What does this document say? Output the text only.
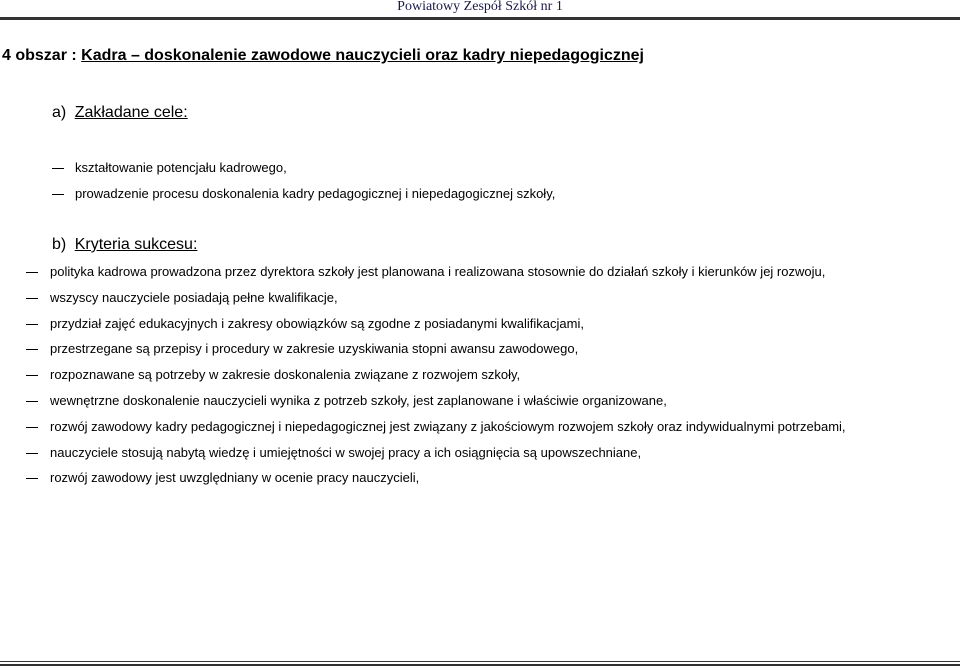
Powiatowy Zespół Szkół nr 1
4 obszar : Kadra – doskonalenie zawodowe nauczycieli oraz kadry niepedagogicznej
a) Zakładane cele:
kształtowanie potencjału kadrowego,
prowadzenie procesu doskonalenia kadry pedagogicznej i niepedagogicznej szkoły,
b) Kryteria sukcesu:
polityka kadrowa prowadzona przez dyrektora szkoły jest planowana i realizowana stosownie do działań szkoły i kierunków jej rozwoju,
wszyscy nauczyciele posiadają pełne kwalifikacje,
przydział zajęć edukacyjnych i zakresy obowiązków są zgodne z posiadanymi kwalifikacjami,
przestrzegane są przepisy i procedury w zakresie uzyskiwania stopni awansu zawodowego,
rozpoznawane są potrzeby w zakresie doskonalenia związane z rozwojem szkoły,
wewnętrzne doskonalenie nauczycieli wynika z potrzeb szkoły, jest zaplanowane i właściwie organizowane,
rozwój zawodowy kadry pedagogicznej i niepedagogicznej jest związany z jakościowym rozwojem szkoły oraz indywidualnymi potrzebami,
nauczyciele stosują nabytą wiedzę i umiejętności w swojej pracy a ich osiągnięcia są upowszechniane,
rozwój zawodowy jest uwzględniany w ocenie pracy nauczycieli,
